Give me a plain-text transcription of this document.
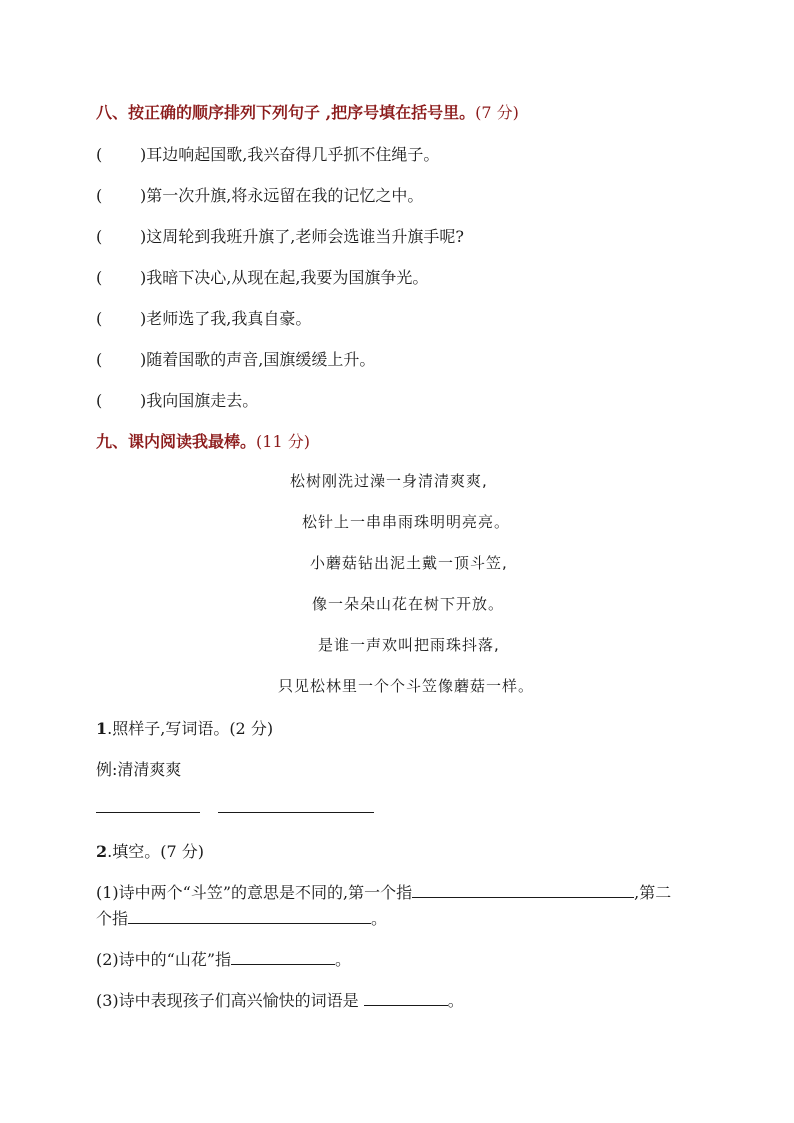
八、按正确的顺序排列下列句子 ,把序号填在括号里。(7 分)
( )耳边响起国歌,我兴奋得几乎抓不住绳子。
( )第一次升旗,将永远留在我的记忆之中。
( )这周轮到我班升旗了,老师会选谁当升旗手呢?
( )我暗下决心,从现在起,我要为国旗争光。
( )老师选了我,我真自豪。
( )随着国歌的声音,国旗缓缓上升。
( )我向国旗走去。
九、课内阅读我最棒。(11 分)
松树刚洗过澡一身清清爽爽,
松针上一串串雨珠明明亮亮。
小蘑菇钻出泥土戴一顶斗笠,
像一朵朵山花在树下开放。
是谁一声欢叫把雨珠抖落,
只见松林里一个个斗笠像蘑菇一样。
1.照样子,写词语。(2 分)
例:清清爽爽
2.填空。(7 分)
(1)诗中两个“斗笠”的意思是不同的,第一个指	,第二
个指	。
(2)诗中的“山花”指	。
(3)诗中表现孩子们高兴愉快的词语是	。
